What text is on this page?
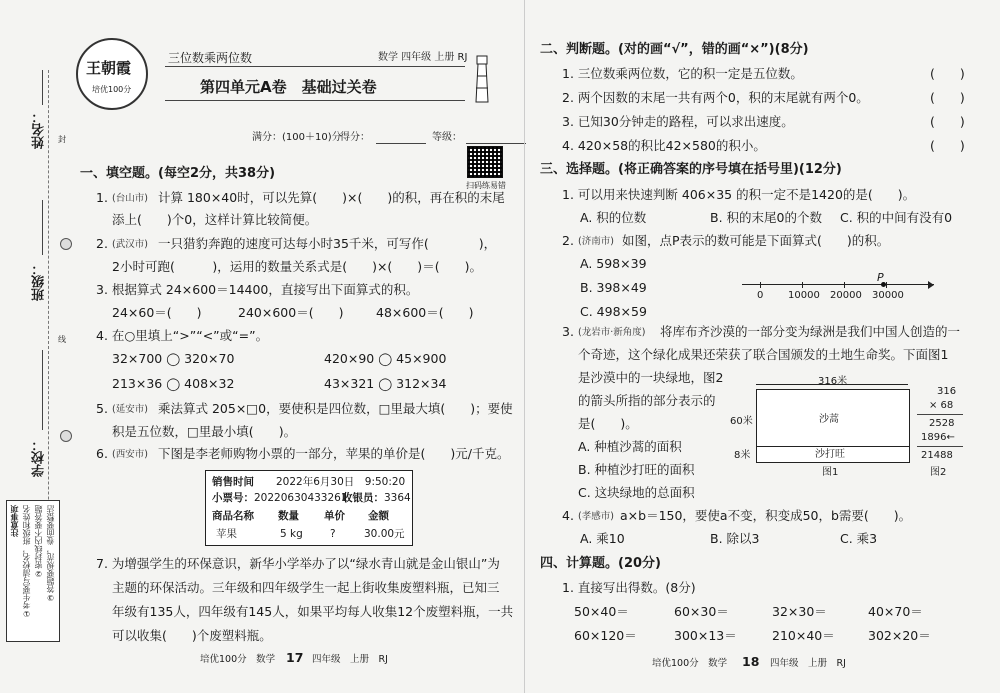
姓名：
班级：
学校：
封
线
注意事项 ①考生要写清校名，班级和姓名 ②密封线内不要答题 ③答题要规范，卷面要整洁
王朝霞
培优100分
三位数乘两位数	数学 四年级 上册 RJ
第四单元A卷　基础过关卷
满分：(100＋10)分
得分：	等级：
扫码练易错
一、填空题。(每空2分，共38分)
1. (台山市) 计算 180×40时，可以先算(　　)×(　　)的积，再在积的末尾
添上(　　)个0，这样计算比较简便。
2. (武汉市) 一只猎豹奔跑的速度可达每小时35千米，可写作(　　　　)，
2小时可跑(　　　)，运用的数量关系式是(　　)×(　　)＝(　　)。
3. 根据算式 24×600＝14400，直接写出下面算式的积。
24×60＝(　　)	240×600＝(　　)	48×600＝(　　)
4. 在○里填上“>”“<”或“=”。
32×700 ◯ 320×70	420×90 ◯ 45×900
213×36 ◯ 408×32	43×321 ◯ 312×34
5. (延安市) 乘法算式 205×□0，要使积是四位数，□里最大填(　　)；要使
积是五位数，□里最小填(　　)。
6. (西安市) 下图是李老师购物小票的一部分，苹果的单价是(　　)元/千克。
销售时间 2022年6月30日　9:50:20
小票号： 20220630433261
收银员： 3364
商品名称 数量 单价 金额
苹果	5 kg	?	30.00元
7. 为增强学生的环保意识，新华小学举办了以“绿水青山就是金山银山”为
主题的环保活动。三年级和四年级学生一起上街收集废塑料瓶，已知三
年级有135人，四年级有145人，如果平均每人收集12个废塑料瓶，一共
可以收集(　　)个废塑料瓶。
培优100分　数学 17 四年级　上册　RJ
二、判断题。(对的画“√”，错的画“×”)(8分)
1. 三位数乘两位数，它的积一定是五位数。	(　　)
2. 两个因数的末尾一共有两个0，积的末尾就有两个0。	(　　)
3. 已知30分钟走的路程，可以求出速度。	(　　)
4. 420×58的积比42×580的积小。	(　　)
三、选择题。(将正确答案的序号填在括号里)(12分)
1. 可以用来快速判断 406×35 的积一定不是1420的是(　　)。
A. 积的位数	B. 积的末尾0的个数 C. 积的中间有没有0
2. (济南市) 如图，点P表示的数可能是下面算式(　　)的积。
A. 598×39
B. 398×49
C. 498×59
P
0 10000 20000 30000
3. (龙岩市·新角度) 将库布齐沙漠的一部分变为绿洲是我们中国人创造的一
个奇迹，这个绿化成果还荣获了联合国颁发的土地生命奖。下面图1
是沙漠中的一块绿地，图2
的箭头所指的部分表示的
是(　　)。
A. 种植沙蒿的面积
B. 种植沙打旺的面积
C. 这块绿地的总面积
316米
沙蒿
沙打旺
60米
8米
图1
316
× 68
2528
1896←
21488
图2
4. (孝感市) a×b＝150，要使a不变，积变成50，b需要(　　)。
A. 乘10	B. 除以3	C. 乘3
四、计算题。(20分)
1. 直接写出得数。(8分)
50×40＝	60×30＝	32×30＝	40×70＝
60×120＝	300×13＝	210×40＝	302×20＝
培优100分　数学 18 四年级　上册　RJ
